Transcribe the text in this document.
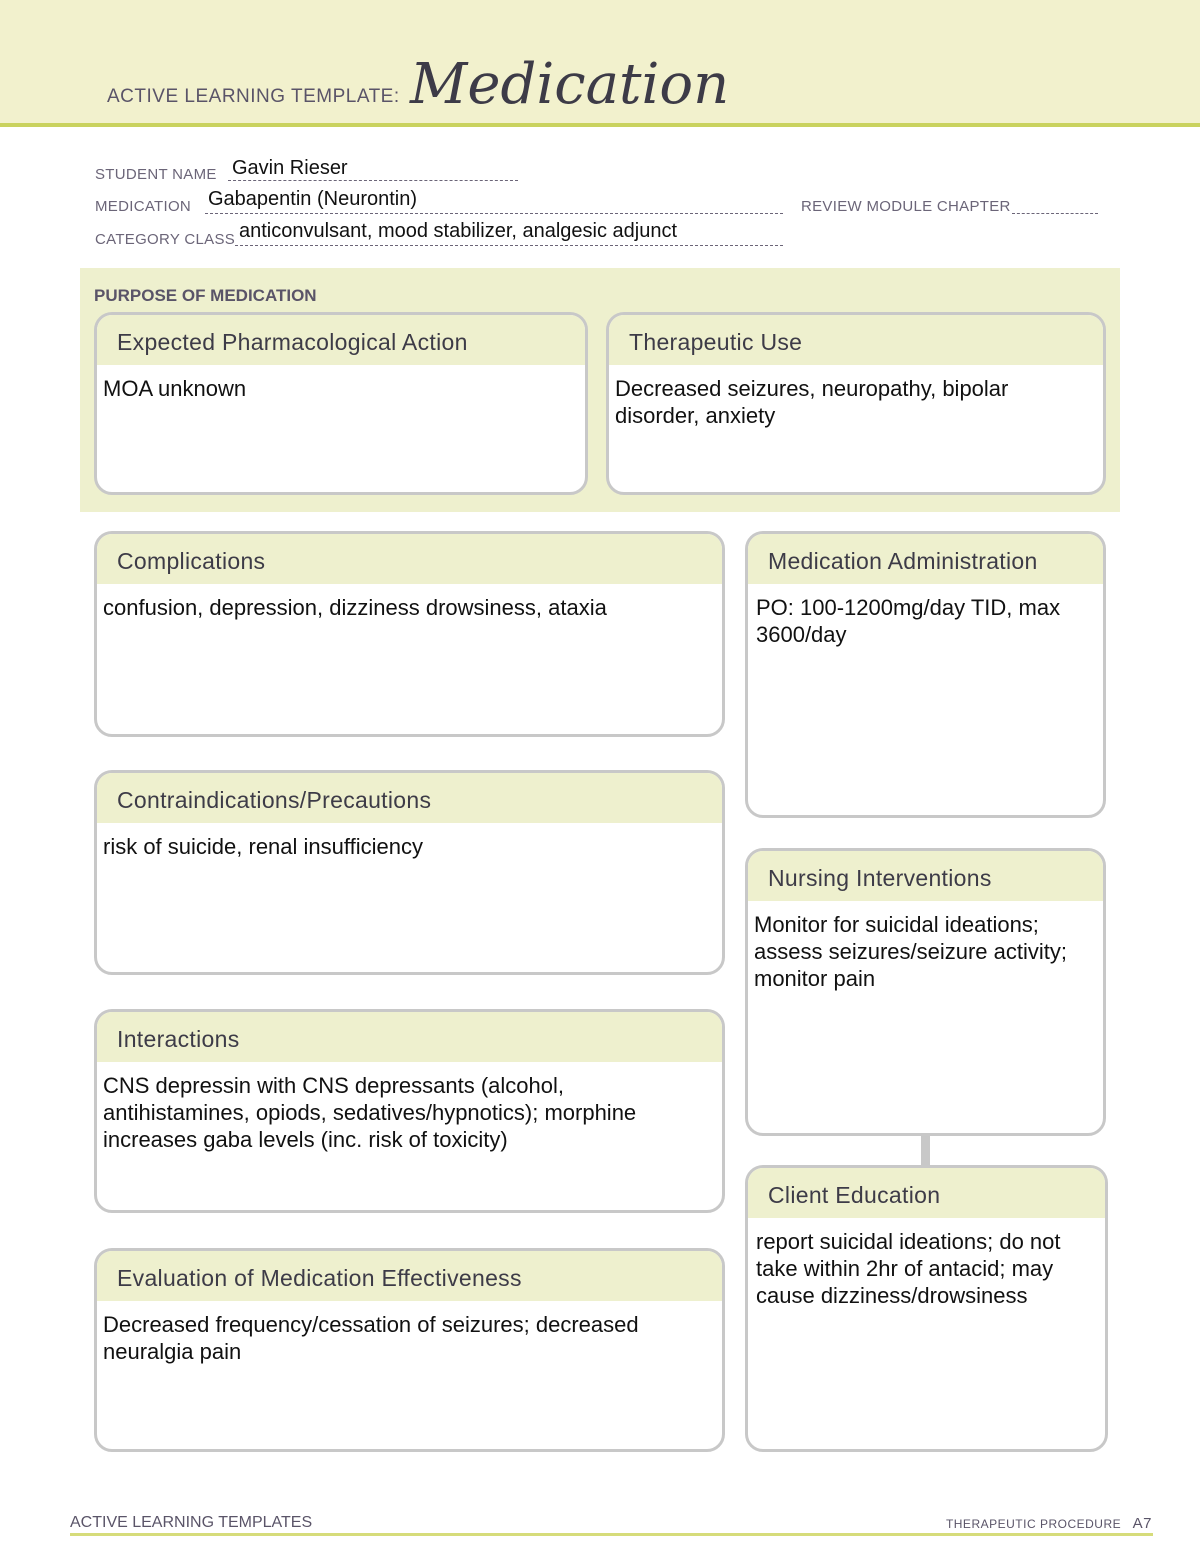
ACTIVE LEARNING TEMPLATE: Medication
STUDENT NAME Gavin Rieser
MEDICATION Gabapentin (Neurontin)	REVIEW MODULE CHAPTER
CATEGORY CLASS anticonvulsant, mood stabilizer, analgesic adjunct
PURPOSE OF MEDICATION
Expected Pharmacological Action
MOA unknown
Therapeutic Use
Decreased seizures, neuropathy, bipolar disorder, anxiety
Complications
confusion, depression, dizziness drowsiness, ataxia
Contraindications/Precautions
risk of suicide, renal insufficiency
Interactions
CNS depressin with CNS depressants (alcohol, antihistamines, opiods, sedatives/hypnotics); morphine increases gaba levels (inc. risk of toxicity)
Evaluation of Medication Effectiveness
Decreased frequency/cessation of seizures; decreased neuralgia pain
Medication Administration
PO: 100-1200mg/day TID, max 3600/day
Nursing Interventions
Monitor for suicidal ideations; assess seizures/seizure activity; monitor pain
Client Education
report suicidal ideations; do not take within 2hr of antacid; may cause dizziness/drowsiness
ACTIVE LEARNING TEMPLATES	THERAPEUTIC PROCEDURE A7
